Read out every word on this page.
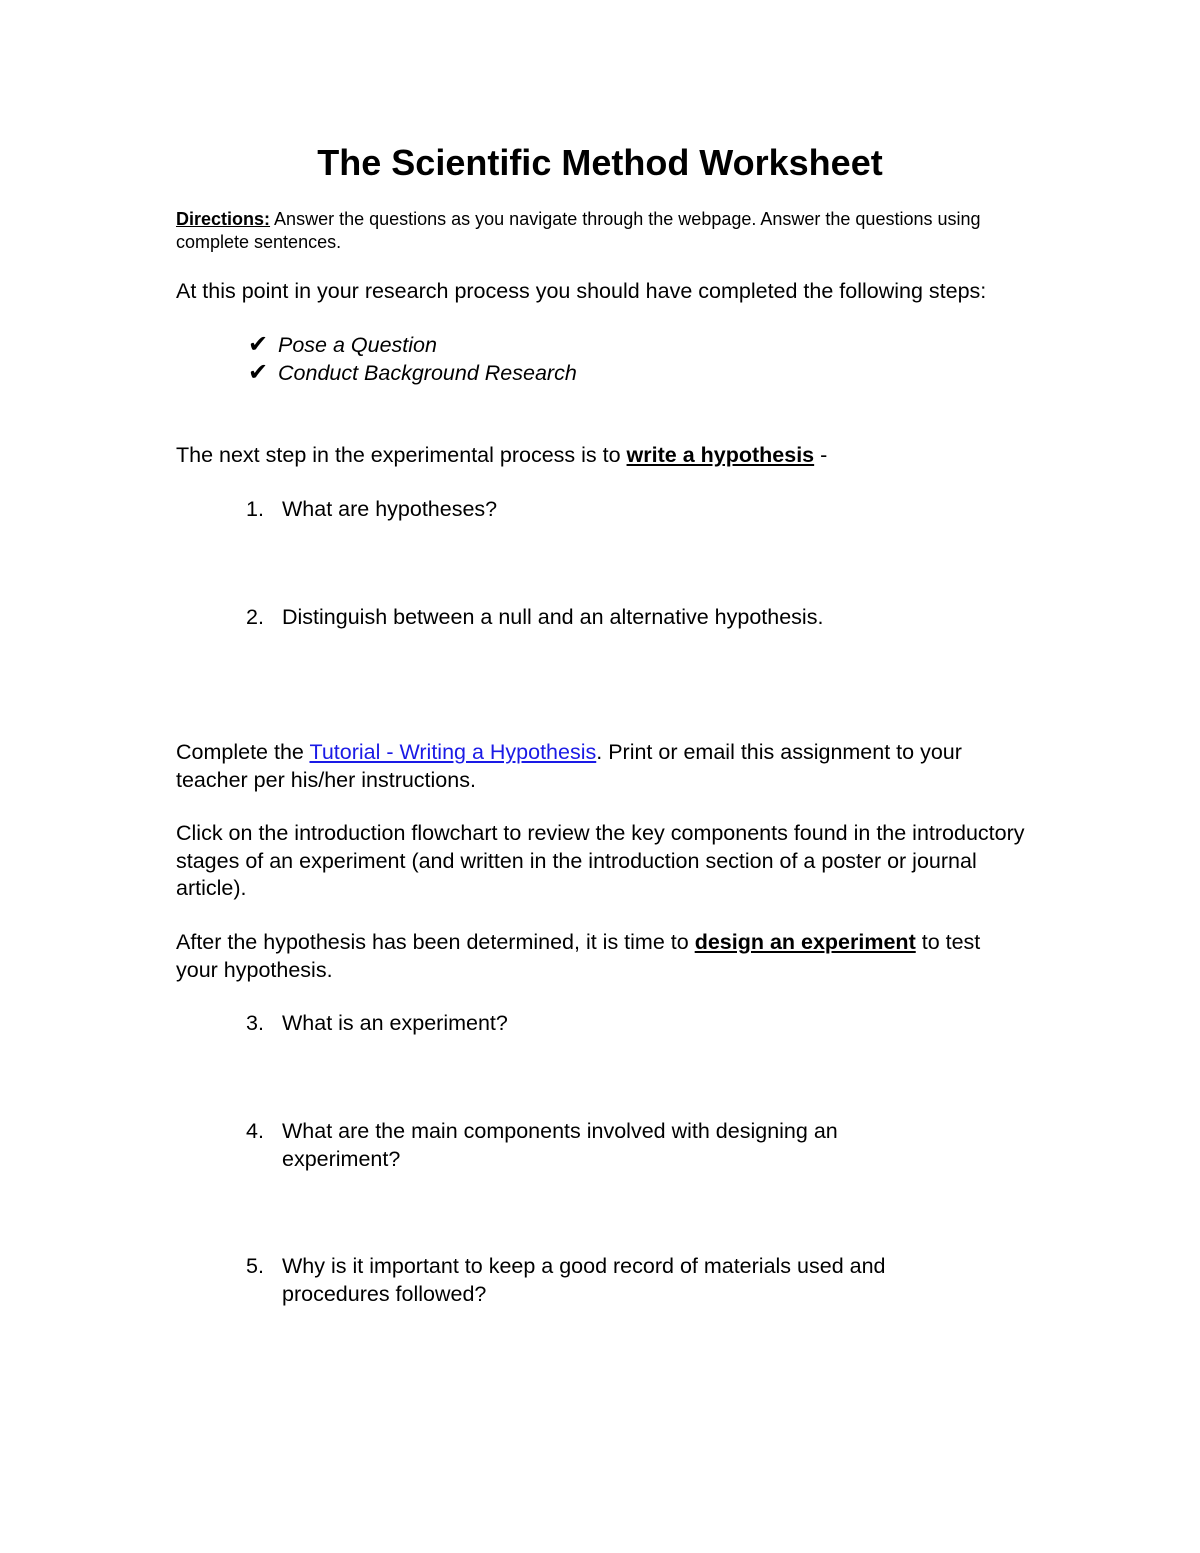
The Scientific Method Worksheet

Directions: Answer the questions as you navigate through the webpage. Answer the questions using complete sentences.

At this point in your research process you should have completed the following steps:

✔ Pose a Question
✔ Conduct Background Research

The next step in the experimental process is to write a hypothesis -

1. What are hypotheses?
2. Distinguish between a null and an alternative hypothesis.

Complete the Tutorial - Writing a Hypothesis. Print or email this assignment to your teacher per his/her instructions.

Click on the introduction flowchart to review the key components found in the introductory stages of an experiment (and written in the introduction section of a poster or journal article).

After the hypothesis has been determined, it is time to design an experiment to test your hypothesis.

3. What is an experiment?
4. What are the main components involved with designing an experiment?
5. Why is it important to keep a good record of materials used and procedures followed?
